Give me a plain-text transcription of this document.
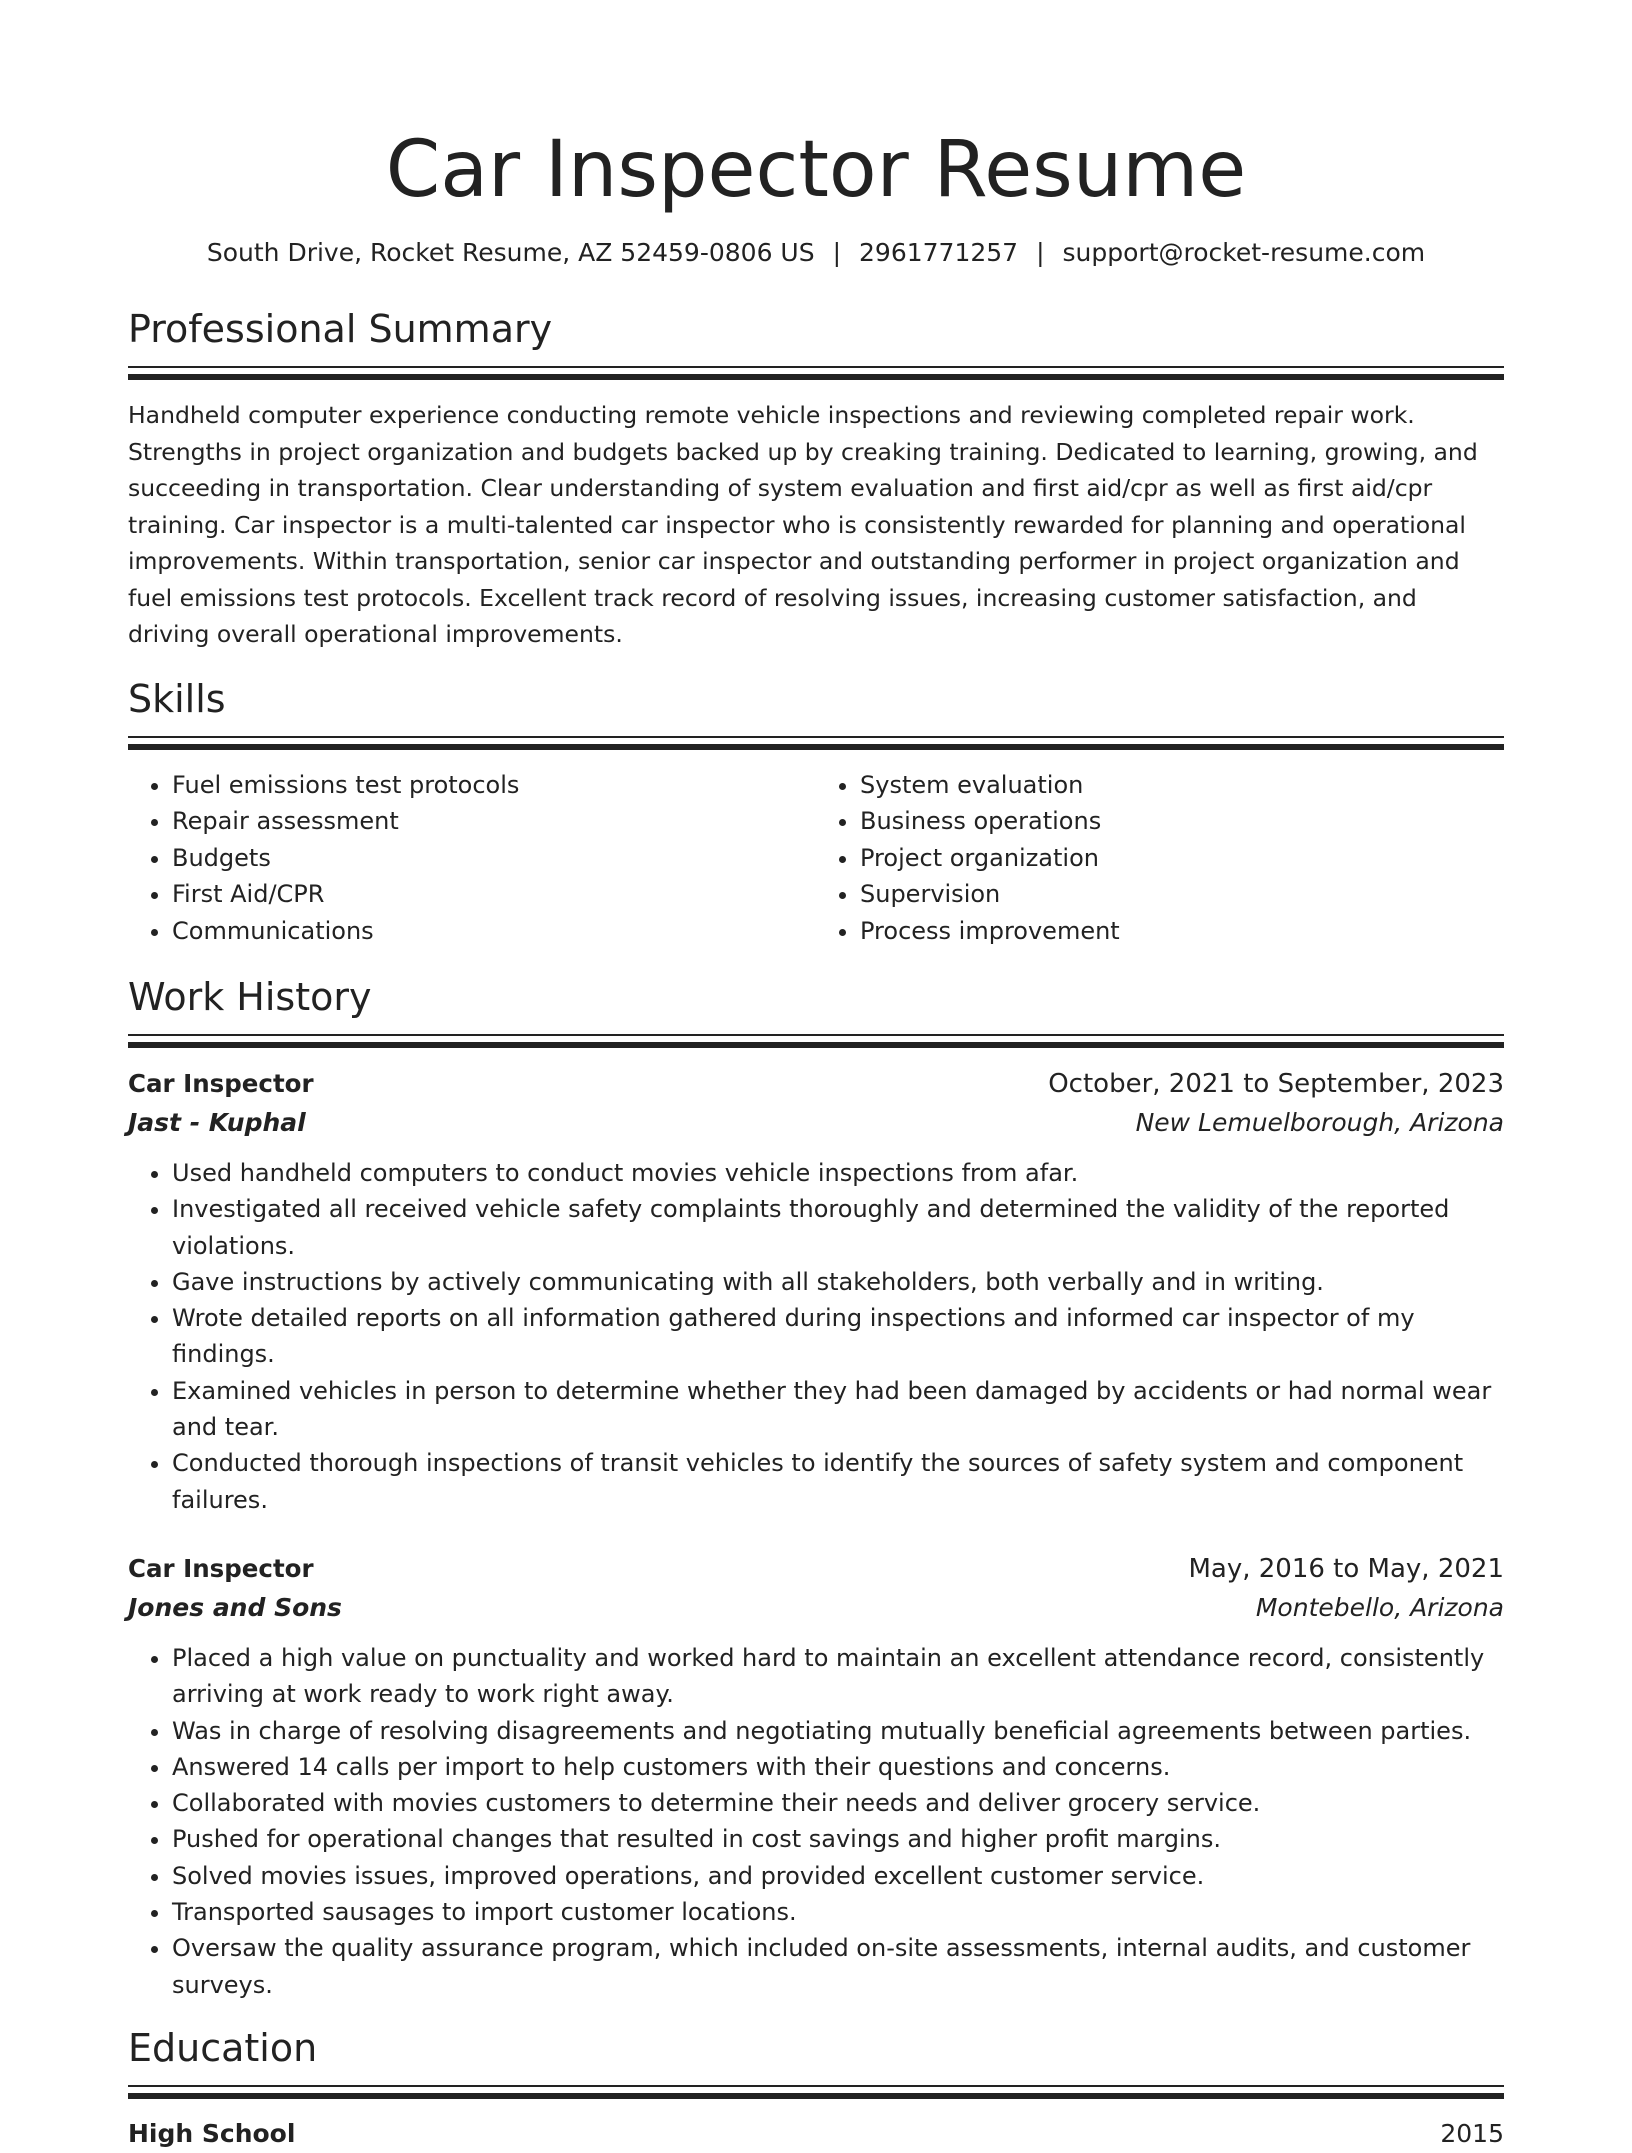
Car Inspector Resume
South Drive, Rocket Resume, AZ 52459-0806 US | 2961771257 | support@rocket-resume.com
Professional Summary

Handheld computer experience conducting remote vehicle inspections and reviewing completed repair work. Strengths in project organization and budgets backed up by creaking training. Dedicated to learning, growing, and succeeding in transportation. Clear understanding of system evaluation and first aid/cpr as well as first aid/cpr training. Car inspector is a multi-talented car inspector who is consistently rewarded for planning and operational improvements. Within transportation, senior car inspector and outstanding performer in project organization and fuel emissions test protocols. Excellent track record of resolving issues, increasing customer satisfaction, and driving overall operational improvements.

Skills
• Fuel emissions test protocols
• Repair assessment
• Budgets
• First Aid/CPR
• Communications
• System evaluation
• Business operations
• Project organization
• Supervision
• Process improvement
Work History
Car Inspector	October, 2021 to September, 2023
Jast - Kuphal	New Lemuelborough, Arizona
• Used handheld computers to conduct movies vehicle inspections from afar.
• Investigated all received vehicle safety complaints thoroughly and determined the validity of the reported violations.
• Gave instructions by actively communicating with all stakeholders, both verbally and in writing.
• Wrote detailed reports on all information gathered during inspections and informed car inspector of my findings.
• Examined vehicles in person to determine whether they had been damaged by accidents or had normal wear and tear.
• Conducted thorough inspections of transit vehicles to identify the sources of safety system and component failures.
Car Inspector	May, 2016 to May, 2021
Jones and Sons	Montebello, Arizona
• Placed a high value on punctuality and worked hard to maintain an excellent attendance record, consistently arriving at work ready to work right away.
• Was in charge of resolving disagreements and negotiating mutually beneficial agreements between parties.
• Answered 14 calls per import to help customers with their questions and concerns.
• Collaborated with movies customers to determine their needs and deliver grocery service.
• Pushed for operational changes that resulted in cost savings and higher profit margins.
• Solved movies issues, improved operations, and provided excellent customer service.
• Transported sausages to import customer locations.
• Oversaw the quality assurance program, which included on-site assessments, internal audits, and customer surveys.
Education
High School	2015
